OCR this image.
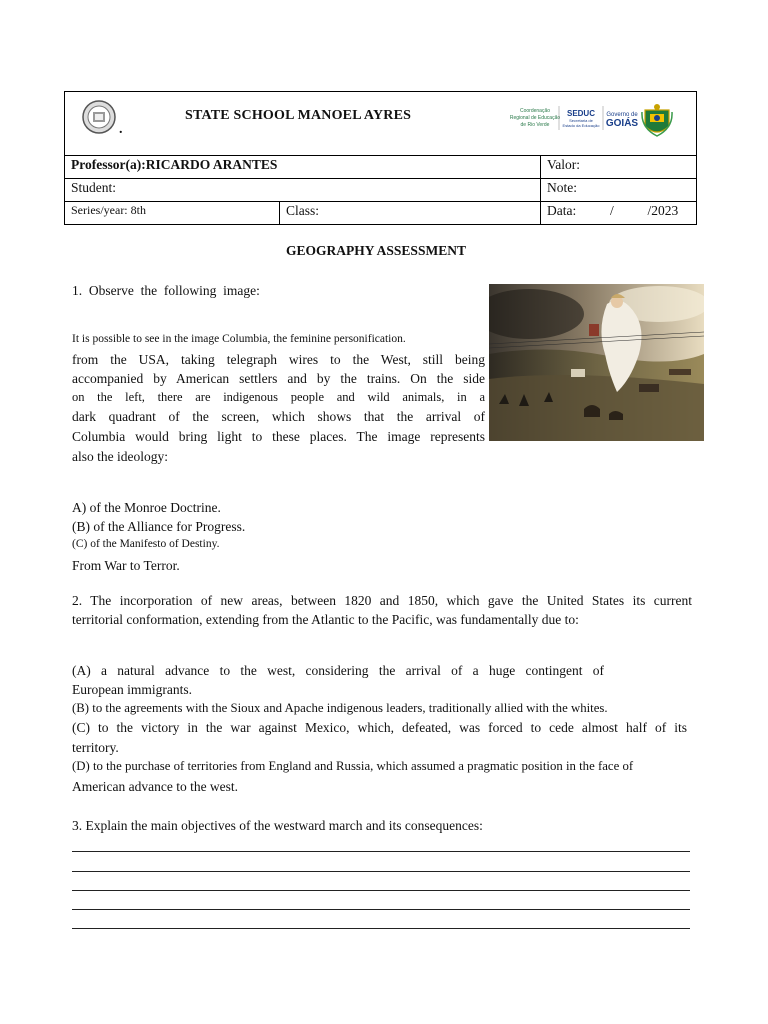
.
STATE SCHOOL MANOEL AYRES	Coordenação
Regional de Educação
de Rio Verde
SEDUC
Secretaria de
Estado da Educação
Governo de
GOIÁS
Professor(a):RICARDO ARANTES	Valor:
Student:	Note:
Series/year: 8th	Class:	Data:          /          /2023
GEOGRAPHY ASSESSMENT
1.  Observe  the  following  image:
It is possible to see in the image Columbia, the feminine personification.
from the USA, taking telegraph wires to the West, still being
accompanied by American settlers and by the trains. On the side
on the left, there are indigenous people and wild animals, in a
dark quadrant of the screen, which shows that the arrival of
Columbia would bring light to these places. The image represents
also the ideology:
A) of the Monroe Doctrine.
(B) of the Alliance for Progress.
(C) of the Manifesto of Destiny.
From War to Terror.
2. The incorporation of new areas, between 1820 and 1850, which gave the United States its current
territorial conformation, extending from the Atlantic to the Pacific, was fundamentally due to:
(A) a natural advance to the west, considering the arrival of a huge contingent of
European immigrants.
(B) to the agreements with the Sioux and Apache indigenous leaders, traditionally allied with the whites.
(C) to the victory in the war against Mexico, which, defeated, was forced to cede almost half of its
territory.
(D) to the purchase of territories from England and Russia, which assumed a pragmatic position in the face of
American advance to the west.
3. Explain the main objectives of the westward march and its consequences:
